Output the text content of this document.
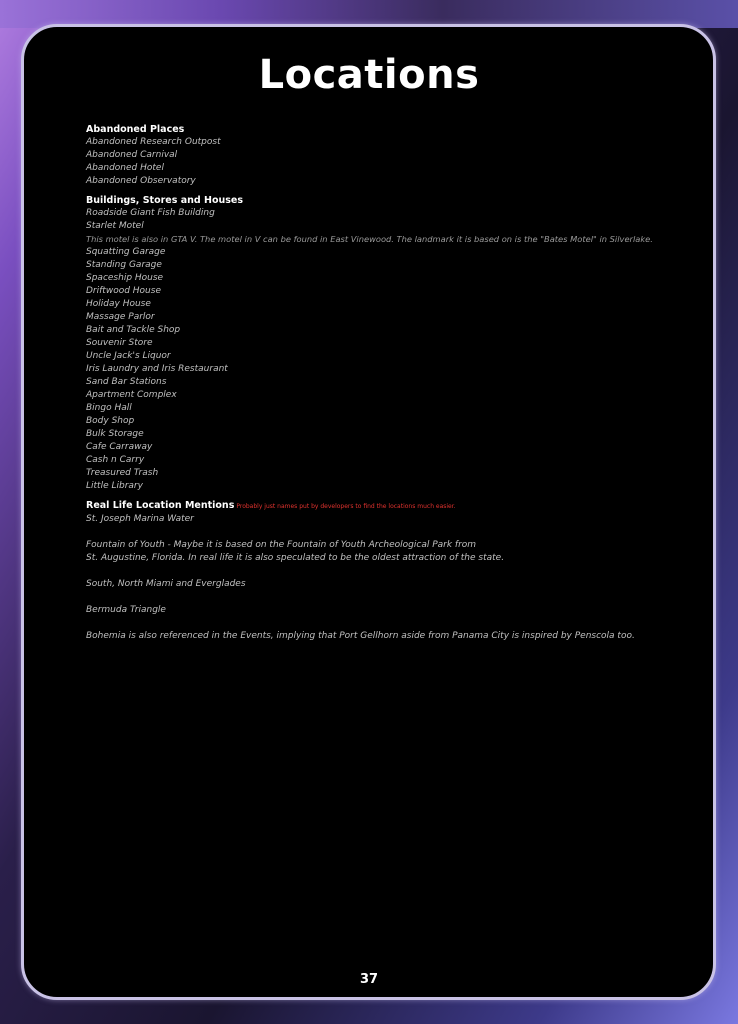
Locations
Abandoned Places
Abandoned Research Outpost
Abandoned Carnival
Abandoned Hotel
Abandoned Observatory
Buildings, Stores and Houses
Roadside Giant Fish Building
Starlet Motel
This motel is also in GTA V. The motel in V can be found in East Vinewood. The landmark it is based on is the "Bates Motel" in Silverlake.
Squatting Garage
Standing Garage
Spaceship House
Driftwood House
Holiday House
Massage Parlor
Bait and Tackle Shop
Souvenir Store
Uncle Jack's Liquor
Iris Laundry and Iris Restaurant
Sand Bar Stations
Apartment Complex
Bingo Hall
Body Shop
Bulk Storage
Cafe Carraway
Cash n Carry
Treasured Trash
Little Library
Real Life Location Mentions Probably just names put by developers to find the locations much easier.
St. Joseph Marina Water
Fountain of Youth - Maybe it is based on the Fountain of Youth Archeological Park from
St. Augustine, Florida. In real life it is also speculated to be the oldest attraction of the state.
South, North Miami and Everglades
Bermuda Triangle
Bohemia is also referenced in the Events, implying that Port Gellhorn aside from Panama City is inspired by Penscola too.
37
